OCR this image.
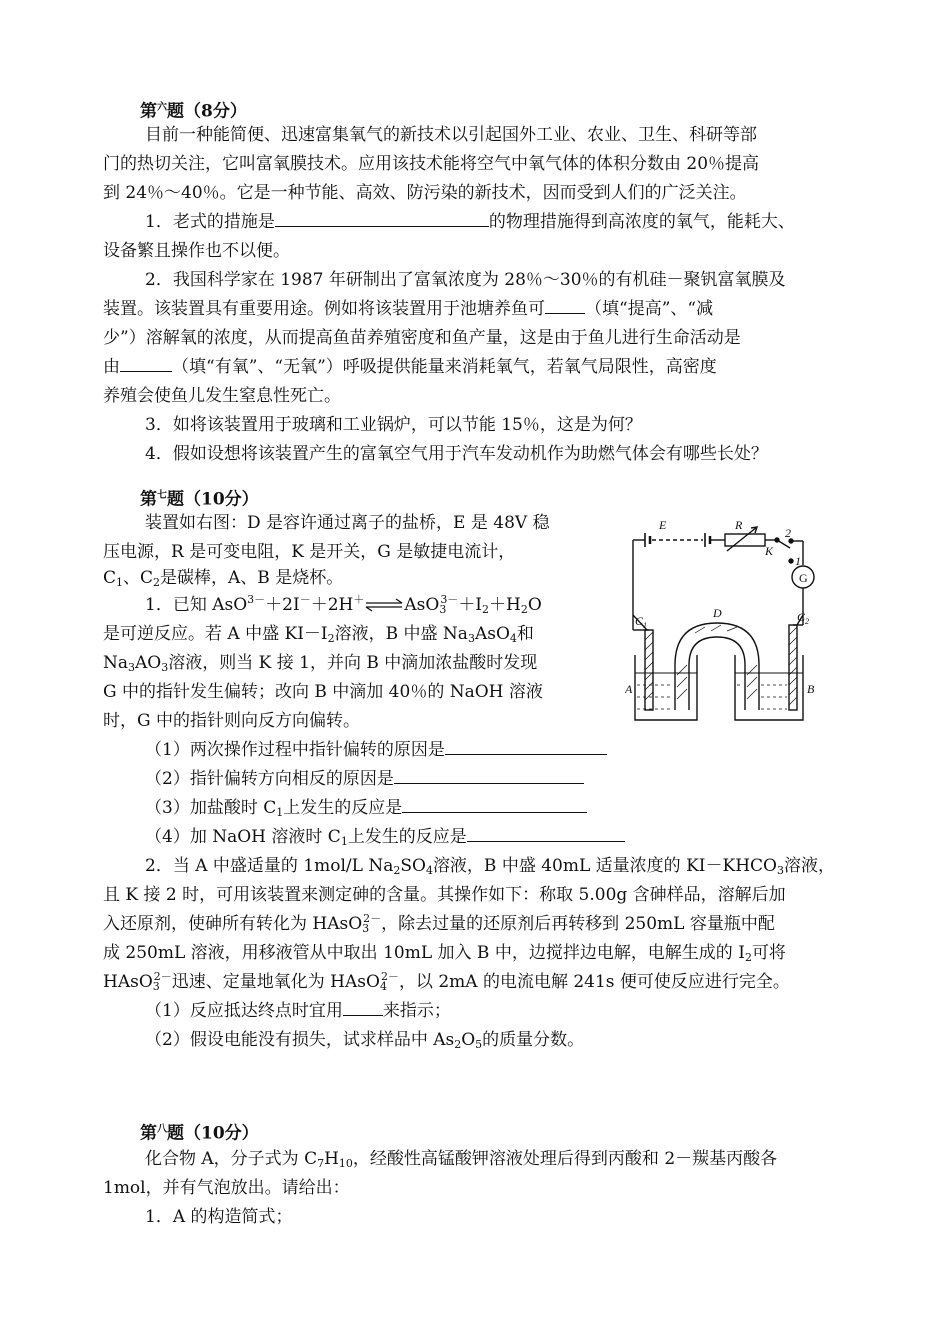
第$^六$题（8分）
目前一种能简便、迅速富集氧气的新技术以引起国外工业、农业、卫生、科研等部
门的热切关注，它叫富氧膜技术。应用该技术能将空气中氧气体的体积分数由 20％提高
到 24％～40％。它是一种节能、高效、防污染的新技术，因而受到人们的广泛关注。
1．老式的措施是	的物理措施得到高浓度的氧气，能耗大、
设备繁且操作也不以便。
2．我国科学家在 1987 年研制出了富氧浓度为 28％～30％的有机硅－聚钒富氧膜及
装置。该装置具有重要用途。例如将该装置用于池塘养鱼可 （填“提高”、“减
少”）溶解氧的浓度，从而提高鱼苗养殖密度和鱼产量，这是由于鱼儿进行生命活动是
由	（填“有氧”、“无氧”）呼吸提供能量来消耗氧气，若氧气局限性，高密度
养殖会使鱼儿发生窒息性死亡。
3．如将该装置用于玻璃和工业锅炉，可以节能 15％，这是为何？
4．假如设想将该装置产生的富氧空气用于汽车发动机作为助燃气体会有哪些长处？
第$^七$题（10分）
装置如右图：D 是容许通过离子的盐桥，E 是 48V 稳
压电源，R 是可变电阻，K 是开关，G 是敏捷电流计，
$C_1$、$C_2$是碳棒，A、B 是烧杯。
1．已知 $AsO^{3-}+2I^-+2H^+\rightleftharpoons AsO_3^{3-}+I_2+H_2O$
是可逆反应。若 A 中盛 $KI-I_2$溶液，B 中盛 $Na_3AsO_4$和
$Na_3AO_3$溶液，则当 K 接 1，并向 B 中滴加浓盐酸时发现
G 中的指针发生偏转；改向 B 中滴加 40％的 NaOH 溶液
时，G 中的指针则向反方向偏转。
（1）两次操作过程中指针偏转的原因是
（2）指针偏转方向相反的原因是
（3）加盐酸时 $C_1$上发生的反应是
（4）加 NaOH 溶液时 $C_1$上发生的反应是
2．当 A 中盛适量的 1mol/L $Na_2SO_4$溶液，B 中盛 40mL 适量浓度的 $KI-KHCO_3$溶液，
且 K 接 2 时，可用该装置来测定砷的含量。其操作如下：称取 5.00g 含砷样品，溶解后加
入还原剂，使砷所有转化为 HAsO$_3^{2-}$，除去过量的还原剂后再转移到 250mL 容量瓶中配
成 250mL 溶液，用移液管从中取出 10mL 加入 B 中，边搅拌边电解，电解生成的 $I_2$可将
HAsO$_3^{2-}$迅速、定量地氧化为 HAsO$_4^{2-}$，以 2mA 的电流电解 241s 便可使反应进行完全。
（1）反应抵达终点时宜用 来指示；
（2）假设电能没有损失，试求样品中 $As_2O_5$的质量分数。
第$^八$题（10分）
化合物 A，分子式为 $C_7H_{10}$，经酸性高锰酸钾溶液处理后得到丙酸和 2－羰基丙酸各
1mol，并有气泡放出。请给出：
1．A 的构造简式；
E	R
K
2
1
G
$C_1$
$C_2$
D
A	B
